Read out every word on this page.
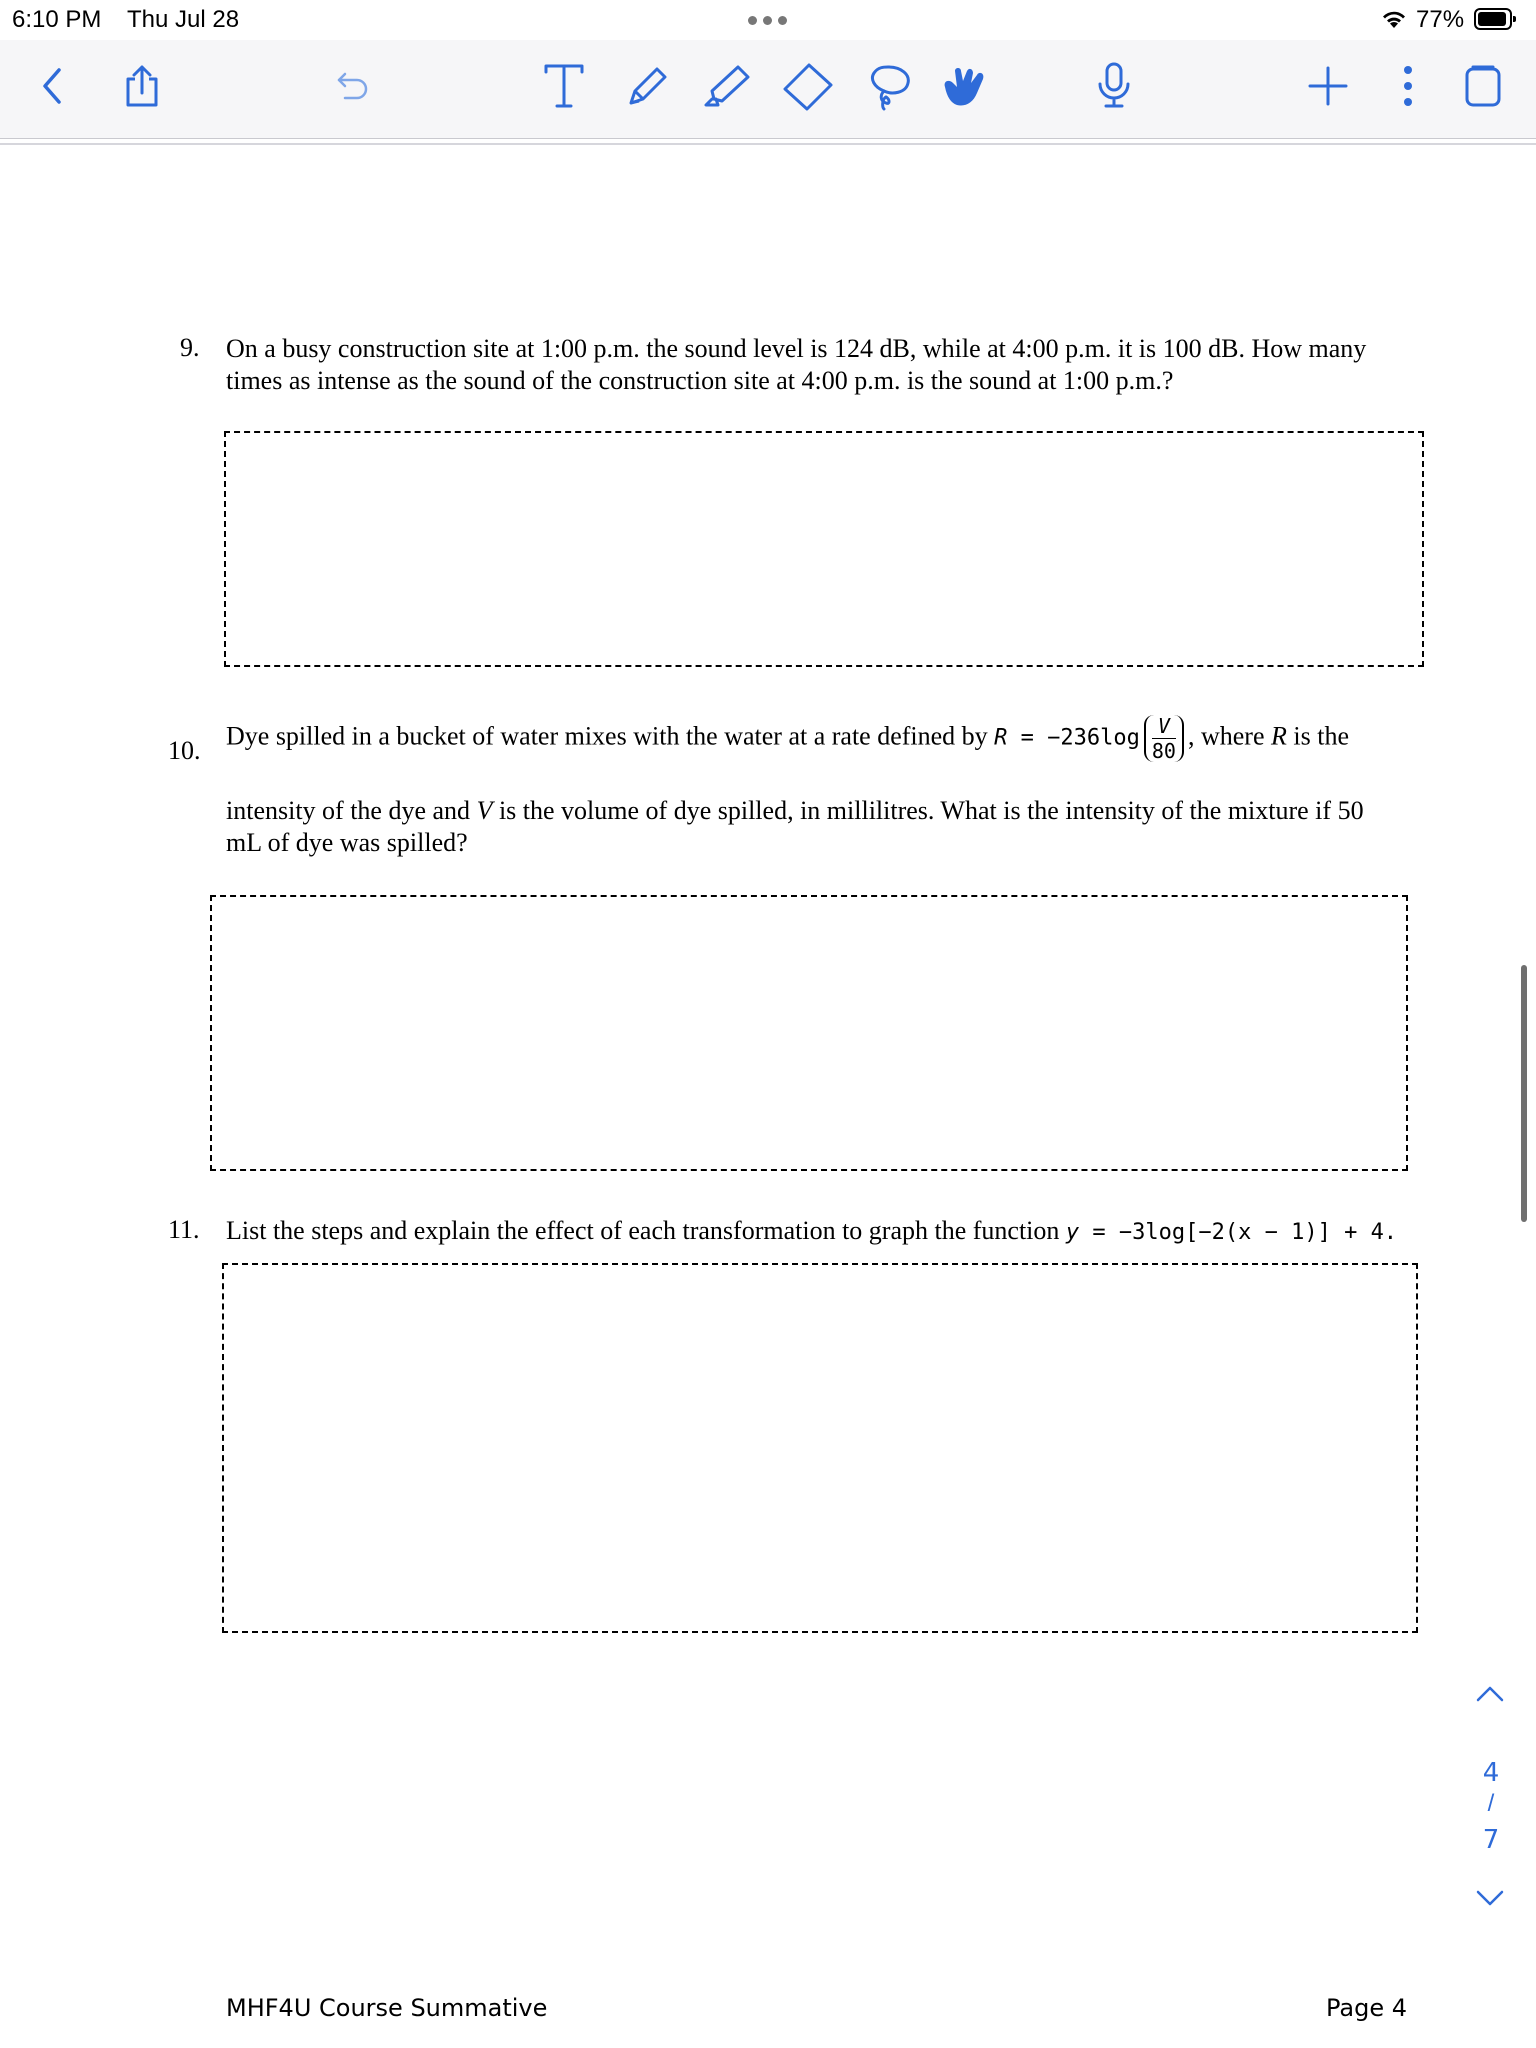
6:10 PM Thu Jul 28	77%
9. On a busy construction site at 1:00 p.m. the sound level is 124 dB, while at 4:00 p.m. it is 100 dB. How many
times as intense as the sound of the construction site at 4:00 p.m. is the sound at 1:00 p.m.?
10.
Dye spilled in a bucket of water mixes with the water at a rate defined by $R = -236\log \frac{V}{80}$ , where R is the
intensity of the dye and V is the volume of dye spilled, in millilitres. What is the intensity of the mixture if 50
mL of dye was spilled?
11. List the steps and explain the effect of each transformation to graph the function y = −3log[−2(x − 1)] + 4.
MHF4U Course Summative	Page 4
4
/
7
